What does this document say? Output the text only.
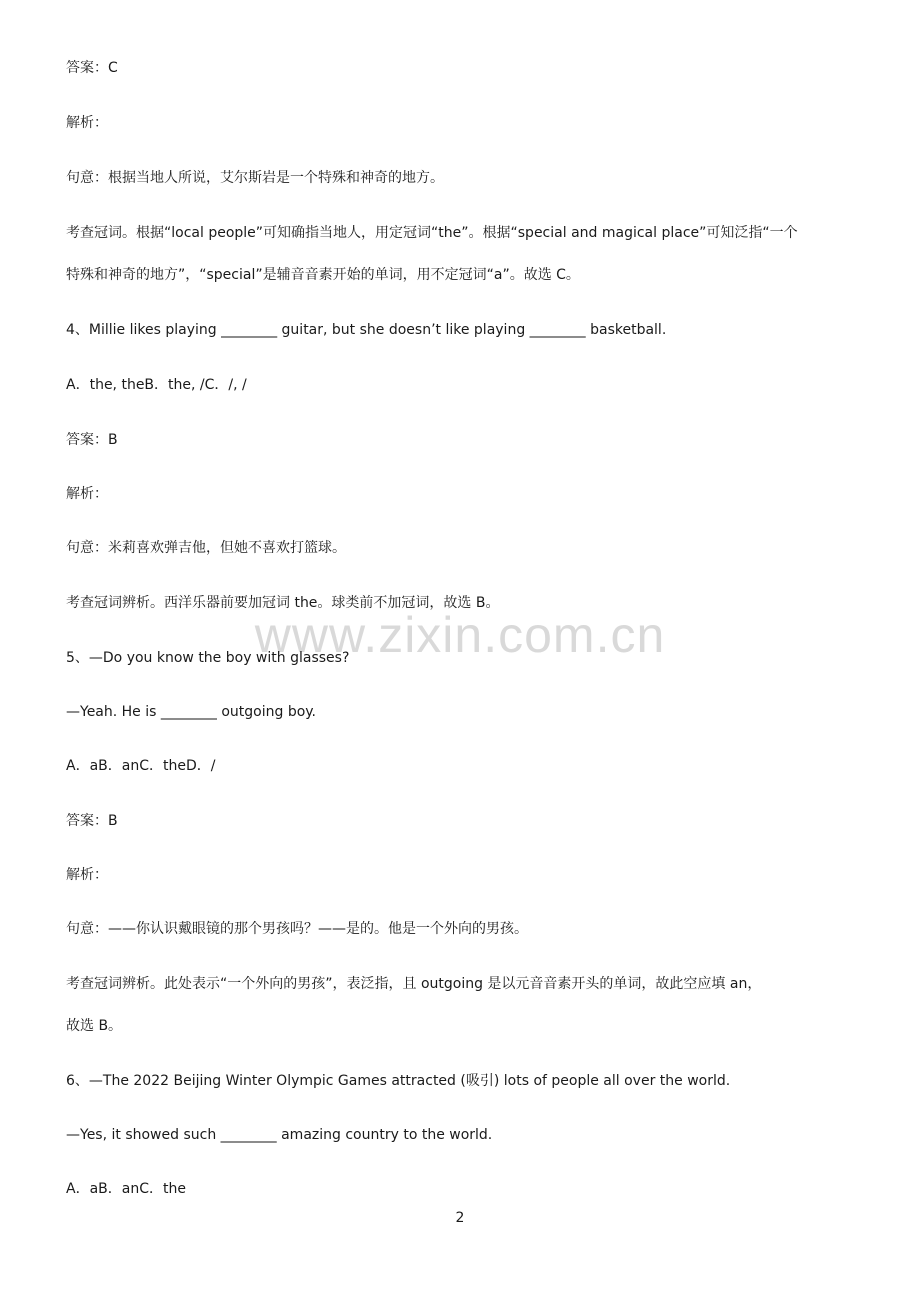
www.zixin.com.cn

答案：C

解析：

句意：根据当地人所说，艾尔斯岩是一个特殊和神奇的地方。

考查冠词。根据“local people”可知确指当地人，用定冠词“the”。根据“special and magical place”可知泛指“一个

特殊和神奇的地方”，“special”是辅音音素开始的单词，用不定冠词“a”。故选 C。

4、Millie likes playing ________ guitar, but she doesn’t like playing ________ basketball.

A．the, theB．the, /C．/, /

答案：B

解析：

句意：米莉喜欢弹吉他，但她不喜欢打篮球。

考查冠词辨析。西洋乐器前要加冠词 the。球类前不加冠词，故选 B。

5、—Do you know the boy with glasses?

—Yeah. He is ________ outgoing boy.

A．aB．anC．theD．/

答案：B

解析：

句意：——你认识戴眼镜的那个男孩吗？——是的。他是一个外向的男孩。

考查冠词辨析。此处表示“一个外向的男孩”，表泛指，且 outgoing 是以元音音素开头的单词，故此空应填 an，

故选 B。

6、—The 2022 Beijing Winter Olympic Games attracted (吸引) lots of people all over the world.

—Yes, it showed such ________ amazing country to the world.

A．aB．anC．the

2
